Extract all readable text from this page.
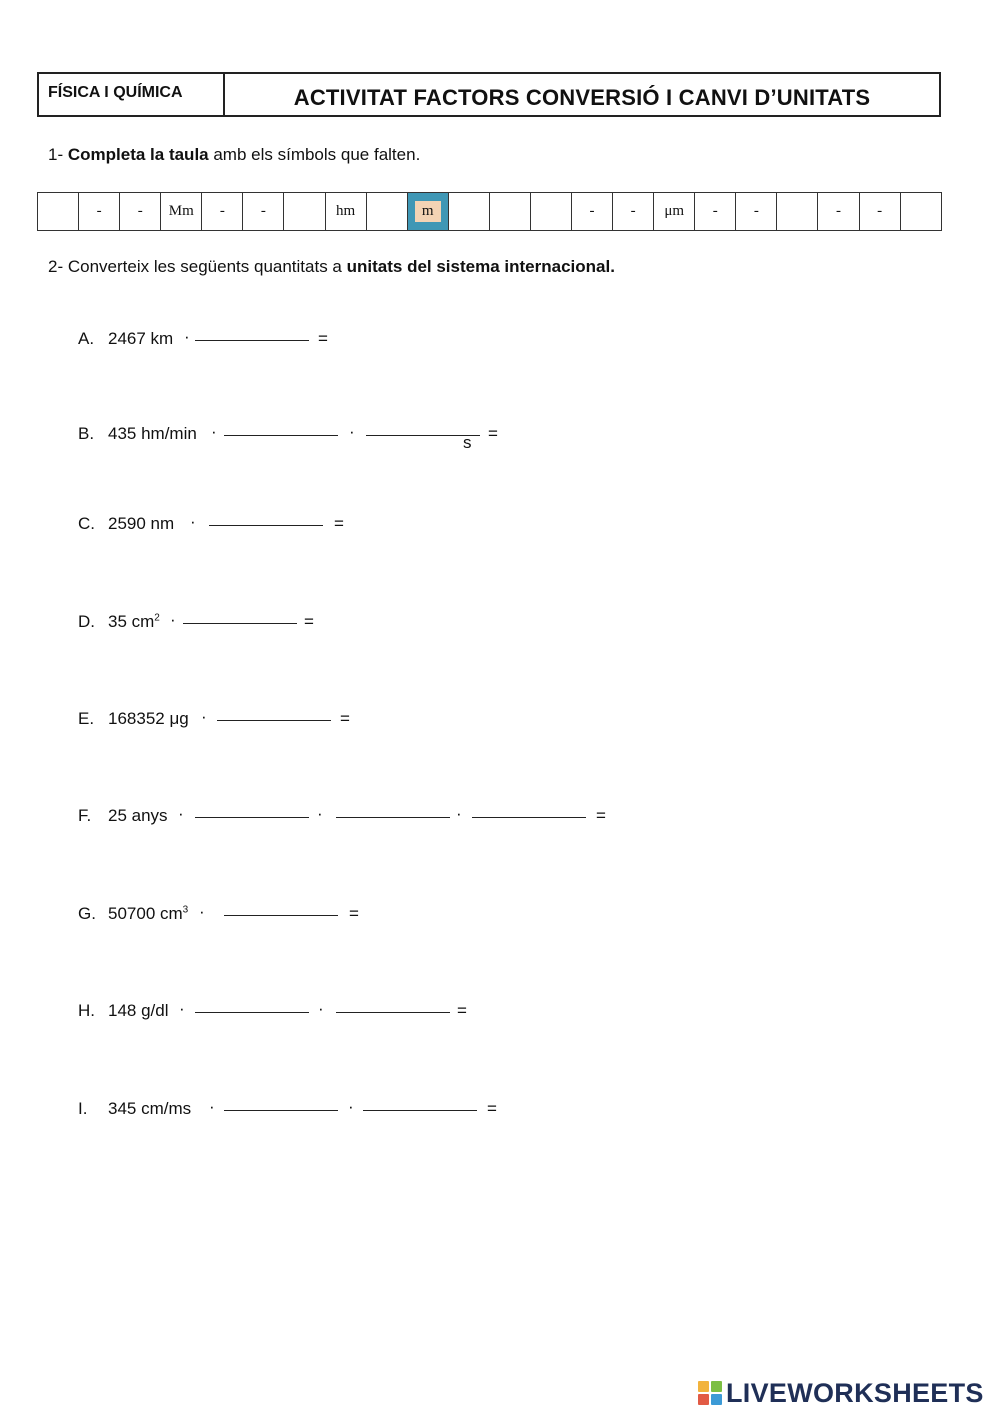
FÍSICA I QUÍMICA	ACTIVITAT FACTORS CONVERSIÓ I CANVI D’UNITATS
1- Completa la taula amb els símbols que falten.
	-	-	Mm	-	-		hm		m				-	-	μm	-	-		-	-	
2- Converteix les següents quantitats a unitats del sistema internacional.
A. 2467 km ·	=
B. 435 hm/min ·	·
s =
C. 2590 nm ·	=
D. 35 $cm^2$ ·	=
E. 168352 μg ·	=
F. 25 anys ·	·	·	=
G. 50700 $cm^3$ ·	=
H. 148 g/dl ·	·	=
I. 345 cm/ms ·	·	=
LIVEWORKSHEETS
